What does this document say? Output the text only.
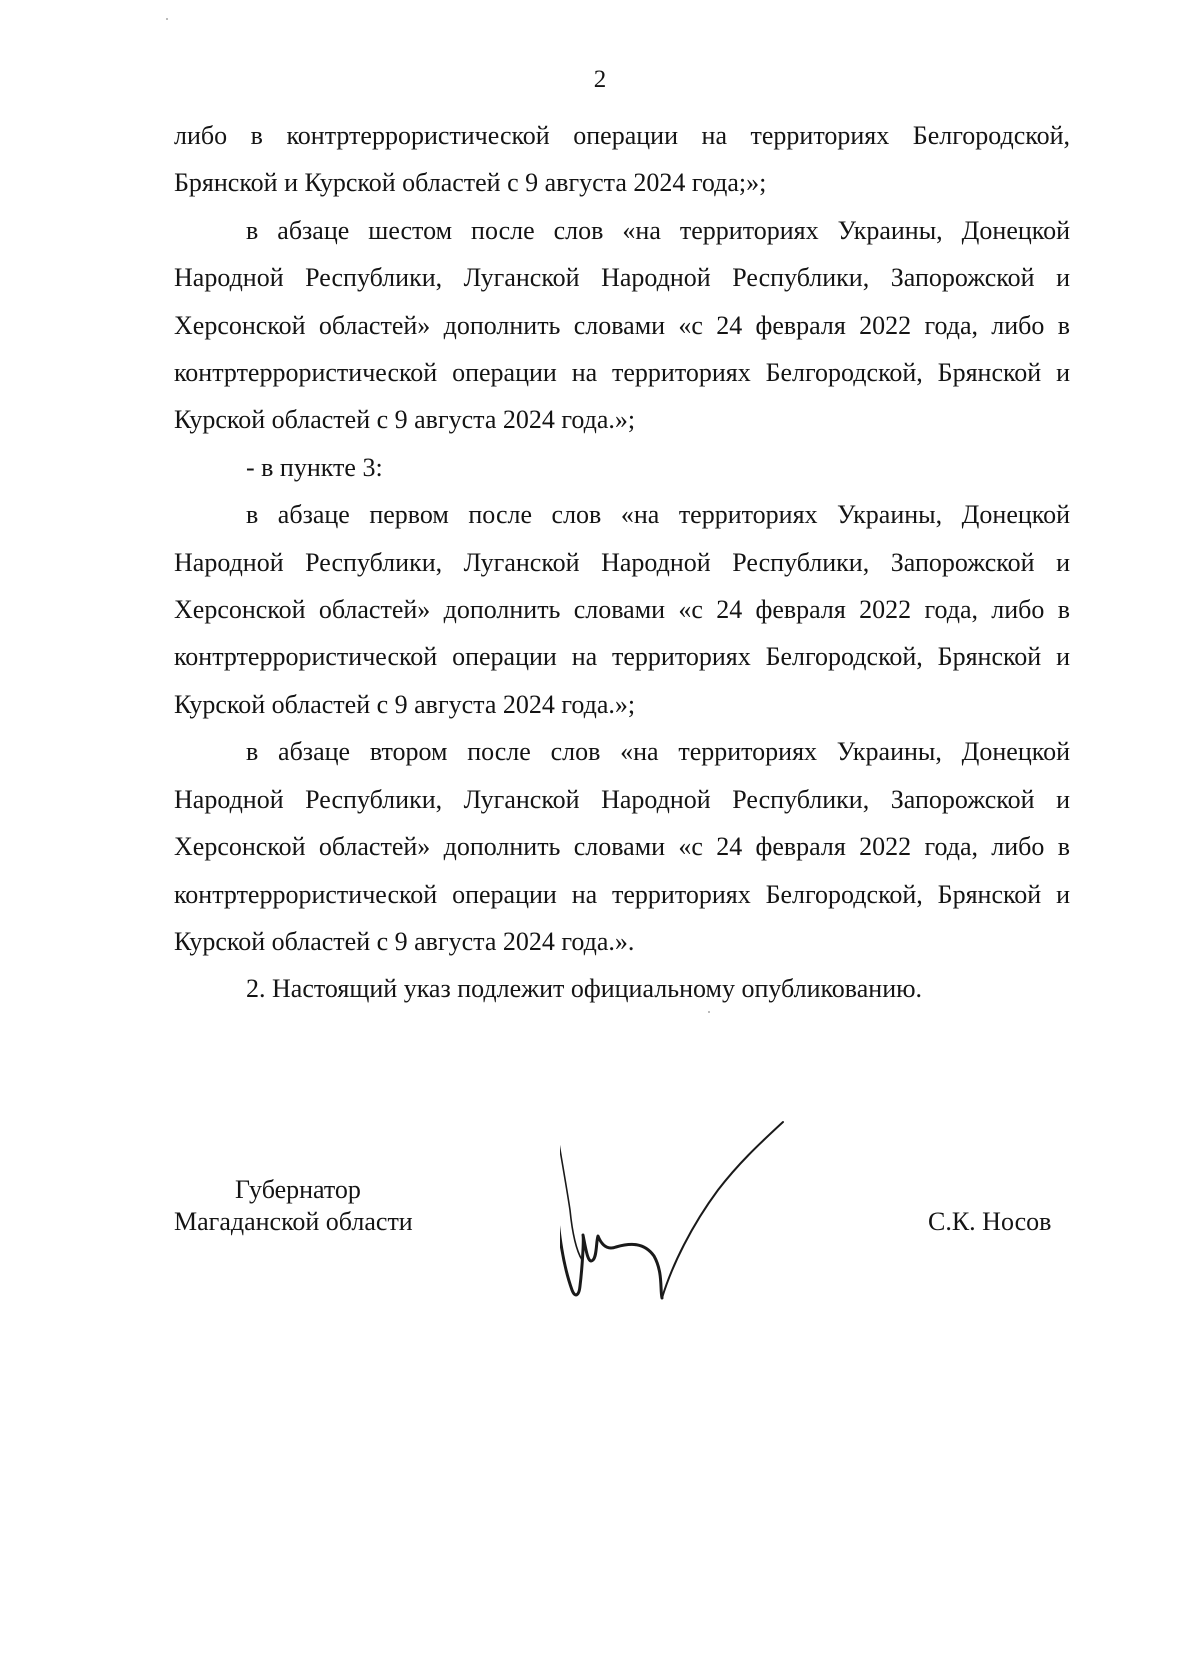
2

либо в контртеррористической операции на территориях Белгородской, Брянской и Курской областей с 9 августа 2024 года;»;

в абзаце шестом после слов «на территориях Украины, Донецкой Народной Республики, Луганской Народной Республики, Запорожской и Херсонской областей» дополнить словами «с 24 февраля 2022 года, либо в контртеррористической операции на территориях Белгородской, Брянской и Курской областей с 9 августа 2024 года.»;

- в пункте 3:

в абзаце первом после слов «на территориях Украины, Донецкой Народной Республики, Луганской Народной Республики, Запорожской и Херсонской областей» дополнить словами «с 24 февраля 2022 года, либо в контртеррористической операции на территориях Белгородской, Брянской и Курской областей с 9 августа 2024 года.»;

в абзаце втором после слов «на территориях Украины, Донецкой Народной Республики, Луганской Народной Республики, Запорожской и Херсонской областей» дополнить словами «с 24 февраля 2022 года, либо в контртеррористической операции на территориях Белгородской, Брянской и Курской областей с 9 августа 2024 года.».

2. Настоящий указ подлежит официальному опубликованию.

Губернатор
Магаданской области	С.К. Носов
